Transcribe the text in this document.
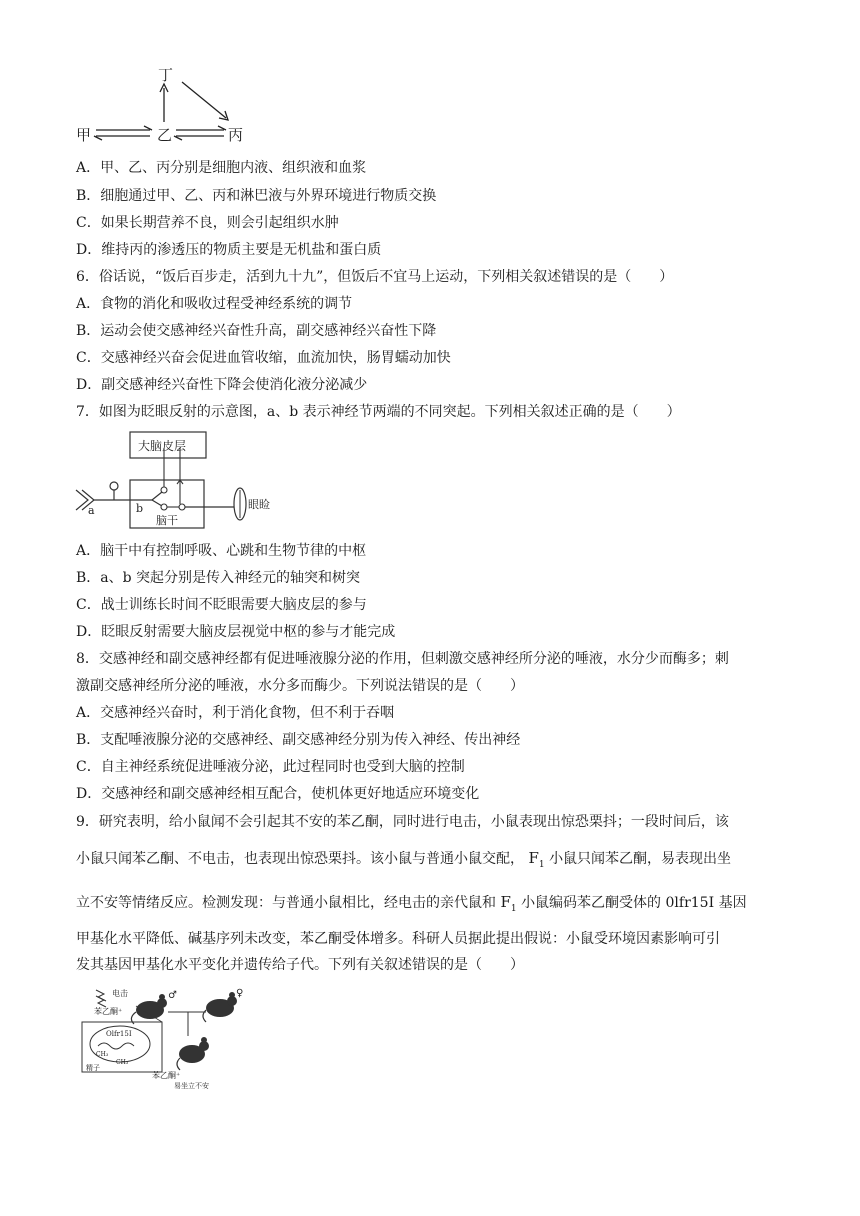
丁
甲	乙	丙
A．甲、乙、丙分别是细胞内液、组织液和血浆
B．细胞通过甲、乙、丙和淋巴液与外界环境进行物质交换
C．如果长期营养不良，则会引起组织水肿
D．维持丙的渗透压的物质主要是无机盐和蛋白质
6．俗话说，“饭后百步走，活到九十九”，但饭后不宜马上运动，下列相关叙述错误的是（　　）
A．食物的消化和吸收过程受神经系统的调节
B．运动会使交感神经兴奋性升高，副交感神经兴奋性下降
C．交感神经兴奋会促进血管收缩，血流加快，肠胃蠕动加快
D．副交感神经兴奋性下降会使消化液分泌减少
7．如图为眨眼反射的示意图，a、b 表示神经节两端的不同突起。下列相关叙述正确的是（　　）
大脑皮层
脑干
a	b	眼睑
A．脑干中有控制呼吸、心跳和生物节律的中枢
B．a、b 突起分别是传入神经元的轴突和树突
C．战士训练长时间不眨眼需要大脑皮层的参与
D．眨眼反射需要大脑皮层视觉中枢的参与才能完成
8．交感神经和副交感神经都有促进唾液腺分泌的作用，但刺激交感神经所分泌的唾液，水分少而酶多；刺
激副交感神经所分泌的唾液，水分多而酶少。下列说法错误的是（　　）
A．交感神经兴奋时，利于消化食物，但不利于吞咽
B．支配唾液腺分泌的交感神经、副交感神经分别为传入神经、传出神经
C．自主神经系统促进唾液分泌，此过程同时也受到大脑的控制
D．交感神经和副交感神经相互配合，使机体更好地适应环境变化
9．研究表明，给小鼠闻不会引起其不安的苯乙酮，同时进行电击，小鼠表现出惊恐栗抖；一段时间后，该
小鼠只闻苯乙酮、不电击，也表现出惊恐栗抖。该小鼠与普通小鼠交配， $F_1$ 小鼠只闻苯乙酮，易表现出坐
立不安等情绪反应。检测发现：与普通小鼠相比，经电击的亲代鼠和 $F_1$ 小鼠编码苯乙酮受体的 0lfr15I 基因
甲基化水平降低、碱基序列未改变，苯乙酮受体增多。科研人员据此提出假说：小鼠受环境因素影响可引
发其基因甲基化水平变化并遗传给子代。下列有关叙述错误的是（　　）
电击
苯乙酮⁺
♂	♀
Olfr15I
CH₃
CH₃
精子
苯乙酮⁺
易坐立不安
